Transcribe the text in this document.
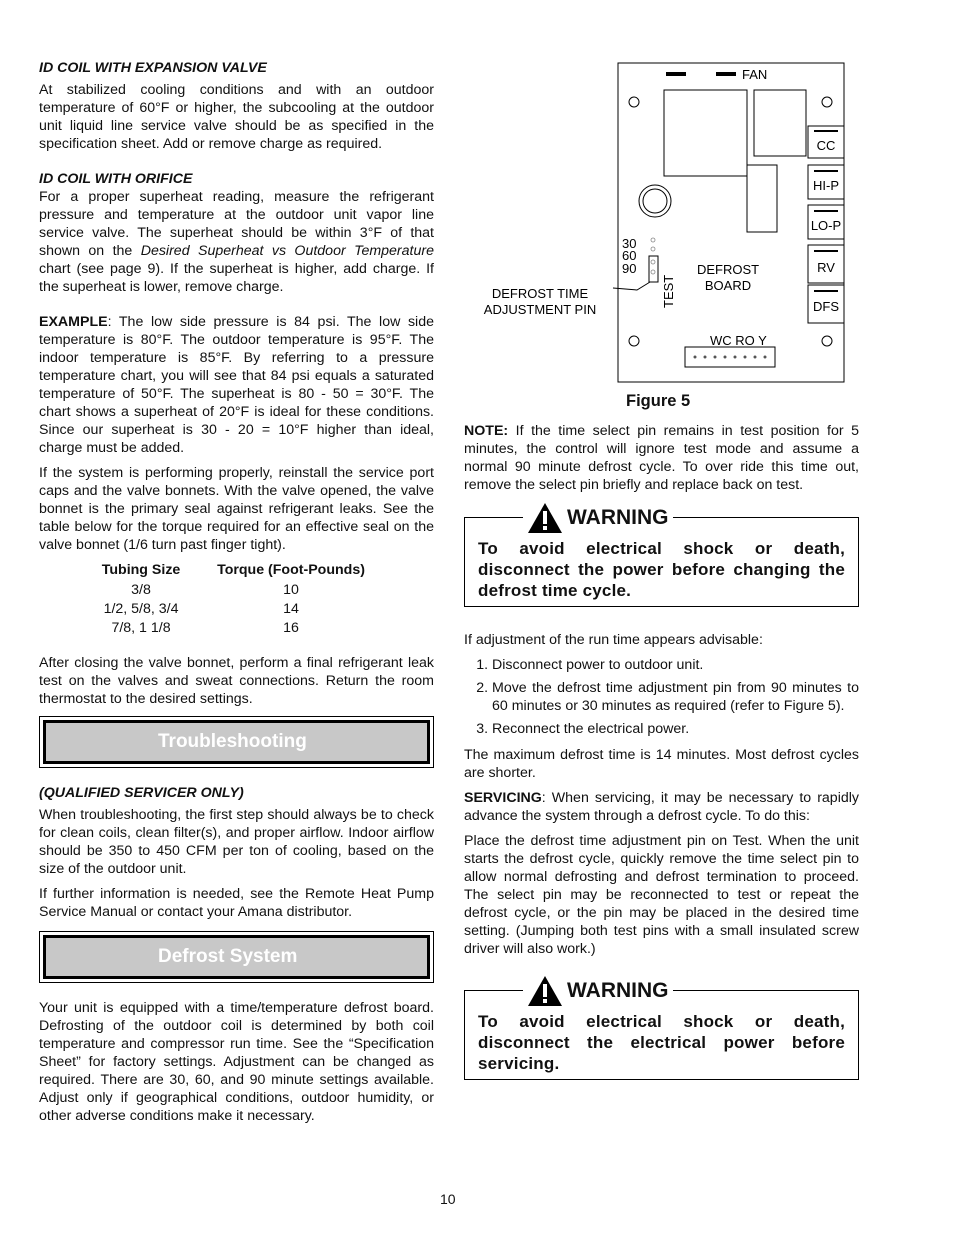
ID COIL WITH EXPANSION VALVE

At stabilized cooling conditions and with an outdoor temperature of 60°F or higher, the subcooling at the outdoor unit liquid line service valve should be as specified in the specification sheet. Add or remove charge as required.

ID COIL WITH ORIFICE

For a proper superheat reading, measure the refrigerant pressure and temperature at the outdoor unit vapor line service valve. The superheat should be within 3°F of that shown on the Desired Superheat vs Outdoor Temperature chart (see page 9). If the superheat is higher, add charge. If the superheat is lower, remove charge.

EXAMPLE: The low side pressure is 84 psi. The low side temperature is 80°F. The outdoor temperature is 95°F. The indoor temperature is 85°F. By referring to a pressure temperature chart, you will see that 84 psi equals a saturated temperature of 50°F. The superheat is 80 - 50 = 30°F. The chart shows a superheat of 20°F is ideal for these conditions. Since our superheat is 30 - 20 = 10°F higher than ideal, charge must be added.

If the system is performing properly, reinstall the service port caps and the valve bonnets. With the valve opened, the valve bonnet is the primary seal against refrigerant leaks. See the table below for the torque required for an effective seal on the valve bonnet (1/6 turn past finger tight).

Tubing Size	Torque (Foot-Pounds)
3/8	10
1/2, 5/8, 3/4	14
7/8, 1 1/8	16

After closing the valve bonnet, perform a final refrigerant leak test on the valves and sweat connections. Return the room thermostat to the desired settings.

Troubleshooting
(QUALIFIED SERVICER ONLY)

When troubleshooting, the first step should always be to check for clean coils, clean filter(s), and proper airflow. Indoor airflow should be 350 to 450 CFM per ton of cooling, based on the size of the outdoor unit.

If further information is needed, see the Remote Heat Pump Service Manual or contact your Amana distributor.

Defrost System

Your unit is equipped with a time/temperature defrost board. Defrosting of the outdoor coil is determined by both coil temperature and compressor run time. See the “Specification Sheet” for factory settings. Adjustment can be changed as required. There are 30, 60, and 90 minute settings available. Adjust only if geographical conditions, outdoor humidity, or other adverse conditions make it necessary.

FAN
CC
HI-P
LO-P
RV
DFS
30
60
90
TEST
DEFROST
BOARD
DEFROST TIME
ADJUSTMENT PIN
WC RO Y
Figure 5

NOTE: If the time select pin remains in test position for 5 minutes, the control will ignore test mode and assume a normal 90 minute defrost cycle. To over ride this time out, remove the select pin briefly and replace back on test.

WARNING
To avoid electrical shock or death, disconnect the power before changing the defrost time cycle.

If adjustment of the run time appears advisable:

1. Disconnect power to outdoor unit.
2. Move the defrost time adjustment pin from 90 minutes to 60 minutes or 30 minutes as required (refer to Figure 5).
3. Reconnect the electrical power.

The maximum defrost time is 14 minutes. Most defrost cycles are shorter.

SERVICING: When servicing, it may be necessary to rapidly advance the system through a defrost cycle. To do this:

Place the defrost time adjustment pin on Test. When the unit starts the defrost cycle, quickly remove the time select pin to allow normal defrosting and defrost termination to proceed. The select pin may be reconnected to test or repeat the defrost cycle, or the pin may be placed in the desired time setting. (Jumping both test pins with a small insulated screw driver will also work.)

WARNING
To avoid electrical shock or death, disconnect the electrical power before servicing.
10
